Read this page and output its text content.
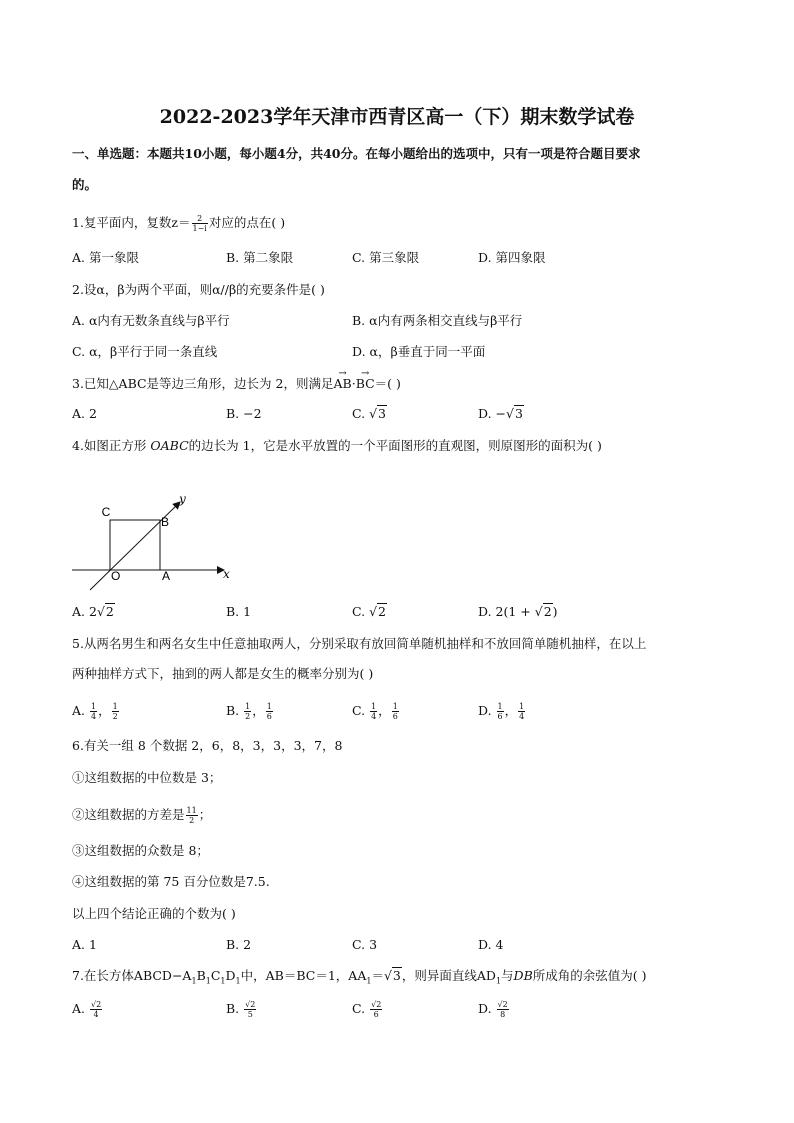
2022-2023学年天津市西青区高一（下）期末数学试卷
一、单选题：本题共10小题，每小题4分，共40分。在每小题给出的选项中，只有一项是符合题目要求
的。
1.复平面内，复数$z= \frac{2}{1-i}$ 对应的点在( )
A. 第一象限	B. 第二象限	C. 第三象限	D. 第四象限
2.设α，β为两个平面，则α//β的充要条件是( )
A. α内有无数条直线与β平行	B. α内有两条相交直线与β平行
C. α，β平行于同一条直线	D. α，β垂直于同一平面
3.已知△ABC是等边三角形，边长为 2，则满足→ AB·→ BC＝( )
A. 2	B. −2	C. √3	D. −√3
4.如图正方形 OABC的边长为 1，它是水平放置的一个平面图形的直观图，则原图形的面积为( )
C
B
O	A	x
y
A. 2√2	B. 1	C. √2	D. 2(1 + √2)
5.从两名男生和两名女生中任意抽取两人，分别采取有放回简单随机抽样和不放回简单随机抽样，在以上
两种抽样方式下，抽到的两人都是女生的概率分别为( )
A. $\frac{1}{4}$ ， $\frac{1}{2}$	B. $\frac{1}{2}$ ， $\frac{1}{6}$	C. $\frac{1}{4}$ ， $\frac{1}{6}$	D. $\frac{1}{6}$ ， $\frac{1}{4}$
6.有关一组 8 个数据 2，6，8，3，3，3，7，8
①这组数据的中位数是 3；
②这组数据的方差是 $\frac{11}{2}$ ；
③这组数据的众数是 8；
④这组数据的第 75 百分位数是7.5.
以上四个结论正确的个数为( )
A. 1	B. 2	C. 3	D. 4
7.在长方体$ABCD-A_1B_1C_1D_1$中，AB＝BC＝1，$AA_1=√3$，则异面直线$AD_1$与DB所成角的余弦值为( )
A. $\frac{√2}{4}$	B. $\frac{√2}{5}$	C. $\frac{√2}{6}$	D. $\frac{√2}{8}$
